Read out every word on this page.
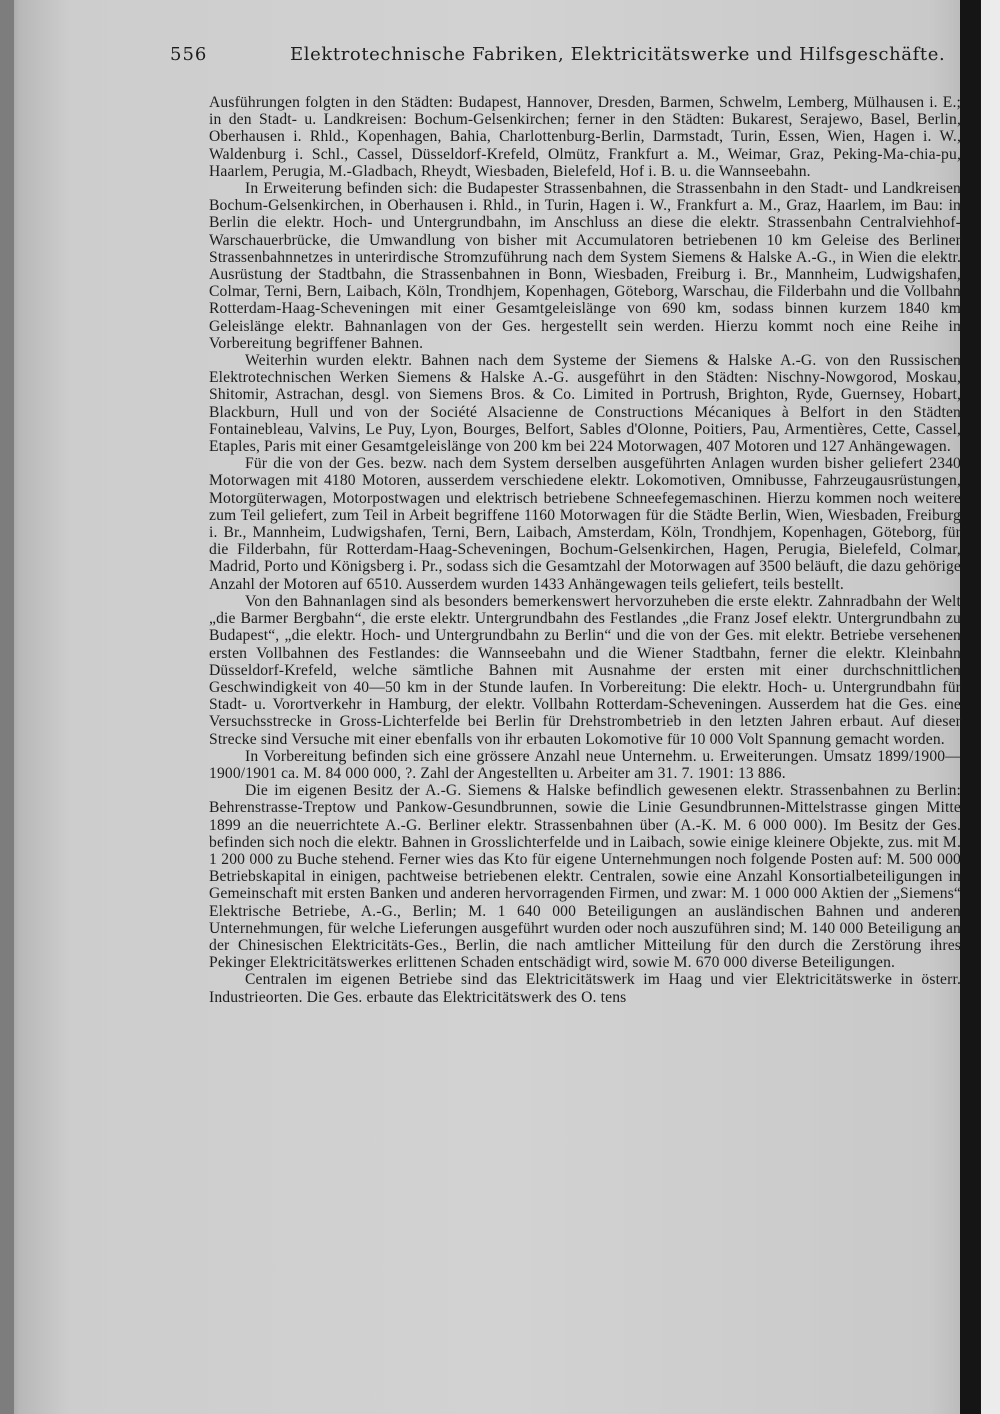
556	Elektrotechnische Fabriken, Elektricitätswerke und Hilfsgeschäfte.

Ausführungen folgten in den Städten: Budapest, Hannover, Dresden, Barmen, Schwelm, Lemberg, Mülhausen i. E.; in den Stadt- u. Landkreisen: Bochum-Gelsenkirchen; ferner in den Städten: Bukarest, Serajewo, Basel, Berlin, Oberhausen i. Rhld., Kopenhagen, Bahia, Charlottenburg-Berlin, Darmstadt, Turin, Essen, Wien, Hagen i. W., Waldenburg i. Schl., Cassel, Düsseldorf-Krefeld, Olmütz, Frankfurt a. M., Weimar, Graz, Peking-Ma-chia-pu, Haarlem, Perugia, M.-Gladbach, Rheydt, Wiesbaden, Bielefeld, Hof i. B. u. die Wannseebahn.

In Erweiterung befinden sich: die Budapester Strassenbahnen, die Strassenbahn in den Stadt- und Landkreisen Bochum-Gelsenkirchen, in Oberhausen i. Rhld., in Turin, Hagen i. W., Frankfurt a. M., Graz, Haarlem, im Bau: in Berlin die elektr. Hoch- und Untergrundbahn, im Anschluss an diese die elektr. Strassenbahn Centralviehhof-Warschauerbrücke, die Umwandlung von bisher mit Accumulatoren betriebenen 10 km Geleise des Berliner Strassenbahnnetzes in unterirdische Stromzuführung nach dem System Siemens & Halske A.-G., in Wien die elektr. Ausrüstung der Stadtbahn, die Strassenbahnen in Bonn, Wiesbaden, Freiburg i. Br., Mannheim, Ludwigshafen, Colmar, Terni, Bern, Laibach, Köln, Trondhjem, Kopenhagen, Göteborg, Warschau, die Filderbahn und die Vollbahn Rotterdam-Haag-Scheveningen mit einer Gesamtgeleislänge von 690 km, sodass binnen kurzem 1840 km Geleislänge elektr. Bahnanlagen von der Ges. hergestellt sein werden. Hierzu kommt noch eine Reihe in Vorbereitung begriffener Bahnen.

Weiterhin wurden elektr. Bahnen nach dem Systeme der Siemens & Halske A.-G. von den Russischen Elektrotechnischen Werken Siemens & Halske A.-G. ausgeführt in den Städten: Nischny-Nowgorod, Moskau, Shitomir, Astrachan, desgl. von Siemens Bros. & Co. Limited in Portrush, Brighton, Ryde, Guernsey, Hobart, Blackburn, Hull und von der Société Alsacienne de Constructions Mécaniques à Belfort in den Städten Fontainebleau, Valvins, Le Puy, Lyon, Bourges, Belfort, Sables d'Olonne, Poitiers, Pau, Armentières, Cette, Cassel, Etaples, Paris mit einer Gesamtgeleislänge von 200 km bei 224 Motorwagen, 407 Motoren und 127 Anhängewagen.

Für die von der Ges. bezw. nach dem System derselben ausgeführten Anlagen wurden bisher geliefert 2340 Motorwagen mit 4180 Motoren, ausserdem verschiedene elektr. Lokomotiven, Omnibusse, Fahrzeugausrüstungen, Motorgüterwagen, Motorpostwagen und elektrisch betriebene Schneefegemaschinen. Hierzu kommen noch weitere zum Teil geliefert, zum Teil in Arbeit begriffene 1160 Motorwagen für die Städte Berlin, Wien, Wiesbaden, Freiburg i. Br., Mannheim, Ludwigshafen, Terni, Bern, Laibach, Amsterdam, Köln, Trondhjem, Kopenhagen, Göteborg, für die Filderbahn, für Rotterdam-Haag-Scheveningen, Bochum-Gelsenkirchen, Hagen, Perugia, Bielefeld, Colmar, Madrid, Porto und Königsberg i. Pr., sodass sich die Gesamtzahl der Motorwagen auf 3500 beläuft, die dazu gehörige Anzahl der Motoren auf 6510. Ausserdem wurden 1433 Anhängewagen teils geliefert, teils bestellt.

Von den Bahnanlagen sind als besonders bemerkenswert hervorzuheben die erste elektr. Zahnradbahn der Welt „die Barmer Bergbahn“, die erste elektr. Untergrundbahn des Festlandes „die Franz Josef elektr. Untergrundbahn zu Budapest“, „die elektr. Hoch- und Untergrundbahn zu Berlin“ und die von der Ges. mit elektr. Betriebe versehenen ersten Vollbahnen des Festlandes: die Wannseebahn und die Wiener Stadtbahn, ferner die elektr. Kleinbahn Düsseldorf-Krefeld, welche sämtliche Bahnen mit Ausnahme der ersten mit einer durchschnittlichen Geschwindigkeit von 40—50 km in der Stunde laufen. In Vorbereitung: Die elektr. Hoch- u. Untergrundbahn für Stadt- u. Vorortverkehr in Hamburg, der elektr. Vollbahn Rotterdam-Scheveningen. Ausserdem hat die Ges. eine Versuchsstrecke in Gross-Lichterfelde bei Berlin für Drehstrombetrieb in den letzten Jahren erbaut. Auf dieser Strecke sind Versuche mit einer ebenfalls von ihr erbauten Lokomotive für 10 000 Volt Spannung gemacht worden.

In Vorbereitung befinden sich eine grössere Anzahl neue Unternehm. u. Erweiterungen. Umsatz 1899/1900—1900/1901 ca. M. 84 000 000, ?. Zahl der Angestellten u. Arbeiter am 31. 7. 1901: 13 886.

Die im eigenen Besitz der A.-G. Siemens & Halske befindlich gewesenen elektr. Strassenbahnen zu Berlin: Behrenstrasse-Treptow und Pankow-Gesundbrunnen, sowie die Linie Gesundbrunnen-Mittelstrasse gingen Mitte 1899 an die neuerrichtete A.-G. Berliner elektr. Strassenbahnen über (A.-K. M. 6 000 000). Im Besitz der Ges. befinden sich noch die elektr. Bahnen in Grosslichterfelde und in Laibach, sowie einige kleinere Objekte, zus. mit M. 1 200 000 zu Buche stehend. Ferner wies das Kto für eigene Unternehmungen noch folgende Posten auf: M. 500 000 Betriebskapital in einigen, pachtweise betriebenen elektr. Centralen, sowie eine Anzahl Konsortialbeteiligungen in Gemeinschaft mit ersten Banken und anderen hervorragenden Firmen, und zwar: M. 1 000 000 Aktien der „Siemens“ Elektrische Betriebe, A.-G., Berlin; M. 1 640 000 Beteiligungen an ausländischen Bahnen und anderen Unternehmungen, für welche Lieferungen ausgeführt wurden oder noch auszuführen sind; M. 140 000 Beteiligung an der Chinesischen Elektricitäts-Ges., Berlin, die nach amtlicher Mitteilung für den durch die Zerstörung ihres Pekinger Elektricitätswerkes erlittenen Schaden entschädigt wird, sowie M. 670 000 diverse Beteiligungen.

Centralen im eigenen Betriebe sind das Elektricitätswerk im Haag und vier Elektricitätswerke in österr. Industrieorten. Die Ges. erbaute das Elektricitätswerk des O. tens
